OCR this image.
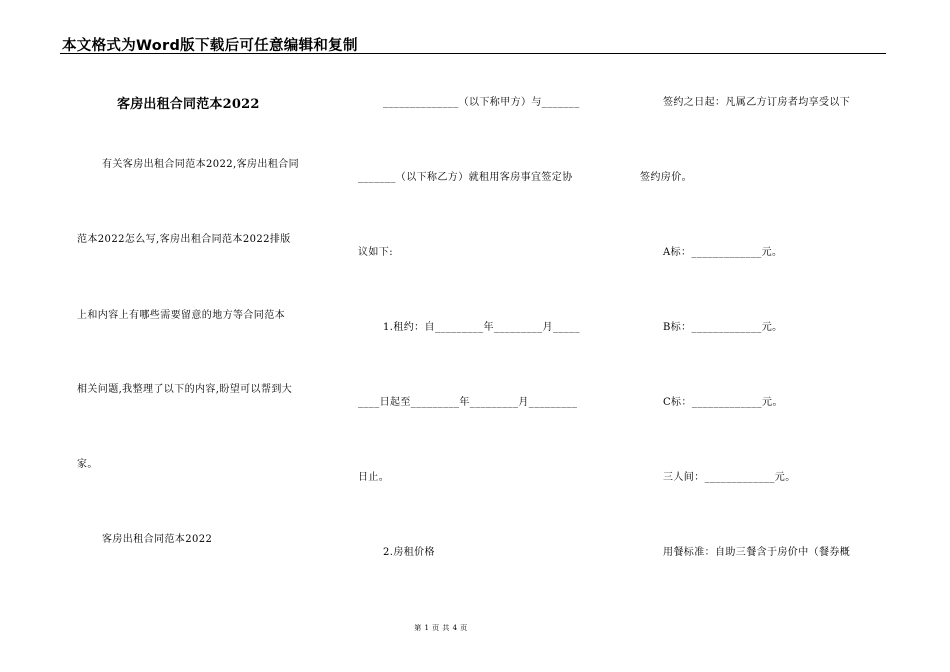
本文格式为Word版下载后可任意编辑和复制
客房出租合同范本2022
有关客房出租合同范本2022,客房出租合同
范本2022怎么写,客房出租合同范本2022排版
上和内容上有哪些需要留意的地方等合同范本
相关问题,我整理了以下的内容,盼望可以帮到大
家。
客房出租合同范本2022
______________（以下称甲方）与_______
_______（以下称乙方）就租用客房事宜签定协
议如下:
1.租约：自_________年_________月_____
____日起至_________年_________月_________
日止。
2.房租价格
签约之日起：凡属乙方订房者均享受以下
签约房价。
A标：_____________元。
B标：_____________元。
C标：_____________元。
三人间：_____________元。
用餐标准：自助三餐含于房价中（餐券概
第 1 页 共 4 页
